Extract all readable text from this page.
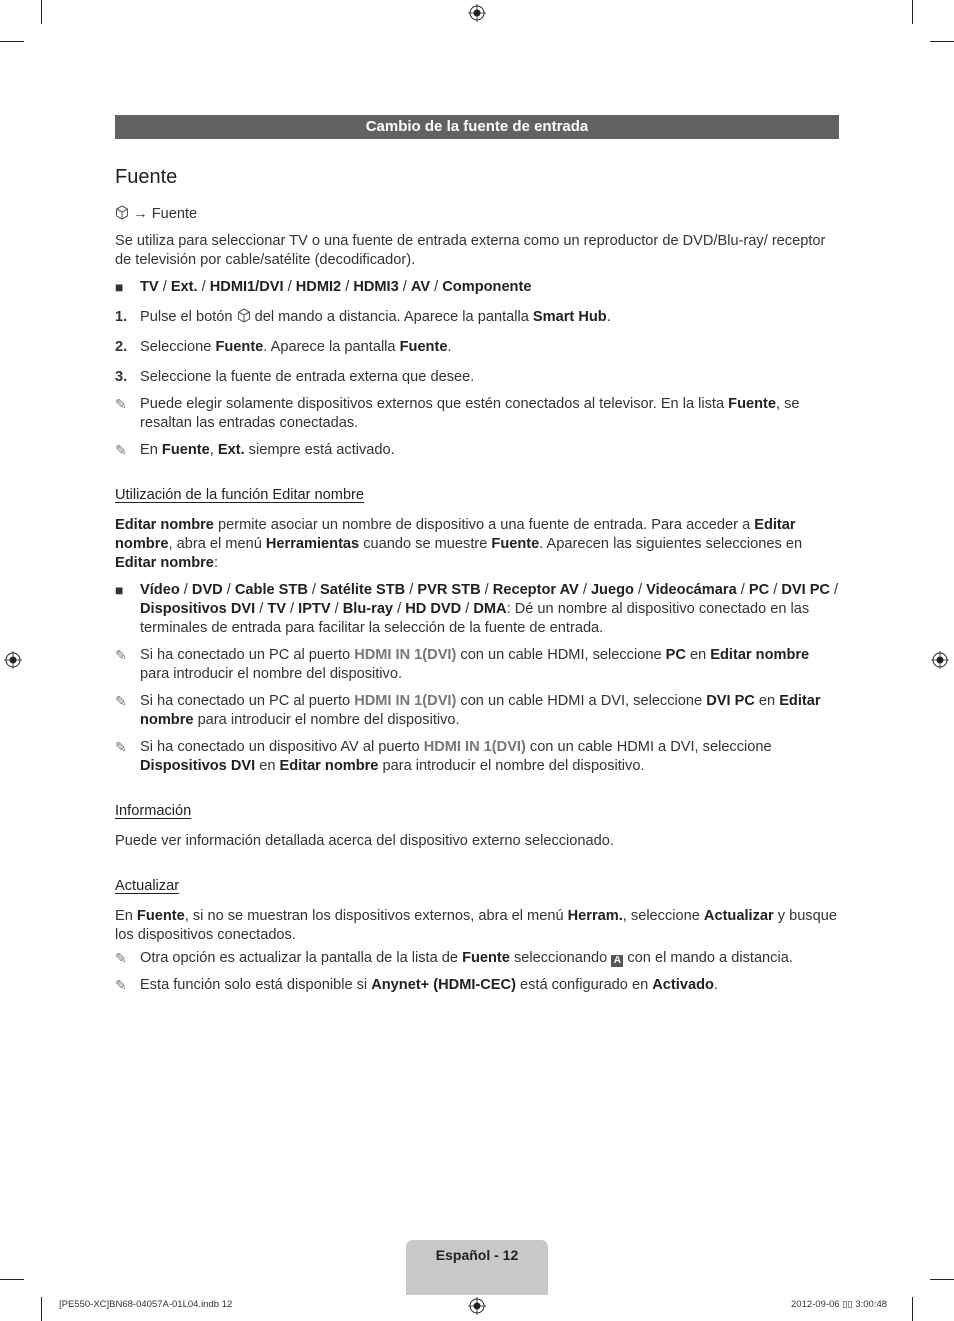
Cambio de la fuente de entrada
Fuente

→ Fuente

Se utiliza para seleccionar TV o una fuente de entrada externa como un reproductor de DVD/Blu-ray/ receptor de televisión por cable/satélite (decodificador).

■	TV / Ext. / HDMI1/DVI / HDMI2 / HDMI3 / AV / Componente
1. Pulse el botón  del mando a distancia. Aparece la pantalla Smart Hub.
2. Seleccione Fuente. Aparece la pantalla Fuente.
3. Seleccione la fuente de entrada externa que desee.
✎ Puede elegir solamente dispositivos externos que estén conectados al televisor. En la lista Fuente, se resaltan las entradas conectadas.
✎ En Fuente, Ext. siempre está activado.
Utilización de la función Editar nombre

Editar nombre permite asociar un nombre de dispositivo a una fuente de entrada. Para acceder a Editar nombre, abra el menú Herramientas cuando se muestre Fuente. Aparecen las siguientes selecciones en Editar nombre:

■	Vídeo / DVD / Cable STB / Satélite STB / PVR STB / Receptor AV / Juego / Videocámara / PC / DVI PC / Dispositivos DVI / TV / IPTV / Blu-ray / HD DVD / DMA: Dé un nombre al dispositivo conectado en las terminales de entrada para facilitar la selección de la fuente de entrada.
✎ Si ha conectado un PC al puerto HDMI IN 1(DVI) con un cable HDMI, seleccione PC en Editar nombre para introducir el nombre del dispositivo.
✎ Si ha conectado un PC al puerto HDMI IN 1(DVI) con un cable HDMI a DVI, seleccione DVI PC en Editar nombre para introducir el nombre del dispositivo.
✎ Si ha conectado un dispositivo AV al puerto HDMI IN 1(DVI) con un cable HDMI a DVI, seleccione Dispositivos DVI en Editar nombre para introducir el nombre del dispositivo.
Información

Puede ver información detallada acerca del dispositivo externo seleccionado.

Actualizar

En Fuente, si no se muestran los dispositivos externos, abra el menú Herram., seleccione Actualizar y busque los dispositivos conectados.

✎ Otra opción es actualizar la pantalla de la lista de Fuente seleccionando A con el mando a distancia.
✎ Esta función solo está disponible si Anynet+ (HDMI-CEC) está configurado en Activado.
Español - 12
[PE550-XC]BN68-04057A-01L04.indb 12	2012-09-06 ▯▯ 3:00:48
